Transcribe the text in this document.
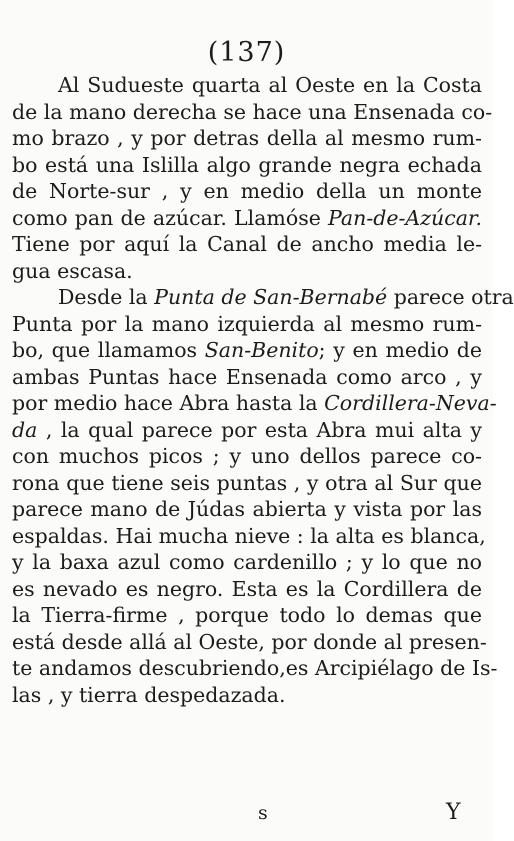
(137)
Al Sudueste quarta al Oeste en la Costa
de la mano derecha se hace una Ensenada co-
mo brazo , y por detras della al mesmo rum-
bo está una Islilla algo grande negra echada
de Norte-sur , y en medio della un monte
como pan de azúcar. Llamóse Pan-de-Azúcar.
Tiene por aquí la Canal de ancho media le-
gua escasa.
Desde la Punta de San-Bernabé parece otra
Punta por la mano izquierda al mesmo rum-
bo, que llamamos San-Benito; y en medio de
ambas Puntas hace Ensenada como arco , y
por medio hace Abra hasta la Cordillera-Neva-
da , la qual parece por esta Abra mui alta y
con muchos picos ; y uno dellos parece co-
rona que tiene seis puntas , y otra al Sur que
parece mano de Júdas abierta y vista por las
espaldas. Hai mucha nieve : la alta es blanca,
y la baxa azul como cardenillo ; y lo que no
es nevado es negro. Esta es la Cordillera de
la Tierra-firme , porque todo lo demas que
está desde allá al Oeste, por donde al presen-
te andamos descubriendo,es Arcipiélago de Is-
las , y tierra despedazada.
s	Y
